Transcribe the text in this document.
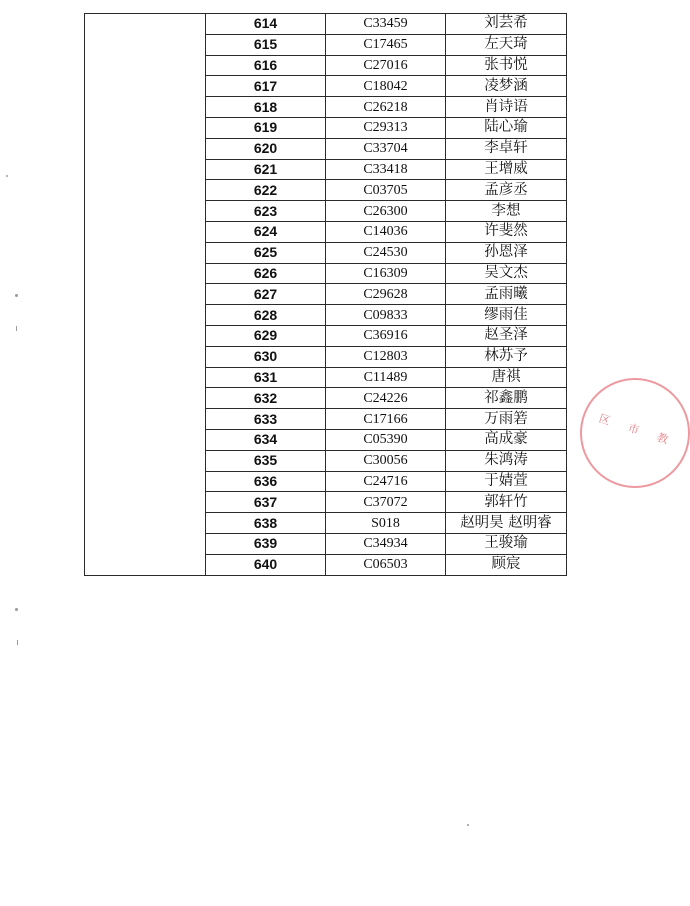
	614	C33459	刘芸希
	615	C17465	左天琦
	616	C27016	张书悦
	617	C18042	凌梦涵
	618	C26218	肖诗语
	619	C29313	陆心瑜
	620	C33704	李卓轩
	621	C33418	王增威
	622	C03705	孟彦丞
	623	C26300	李想
	624	C14036	许斐然
	625	C24530	孙恩泽
	626	C16309	吴文杰
	627	C29628	孟雨曦
	628	C09833	缪雨佳
	629	C36916	赵圣泽
	630	C12803	林苏予
	631	C11489	唐祺
	632	C24226	祁鑫鹏
	633	C17166	万雨箬
	634	C05390	高成豪
	635	C30056	朱鸿涛
	636	C24716	于婧萱
	637	C37072	郭轩竹
	638	S018	赵明昊 赵明睿
	639	C34934	王骏瑜
	640	C06503	顾宸
区 市 教
